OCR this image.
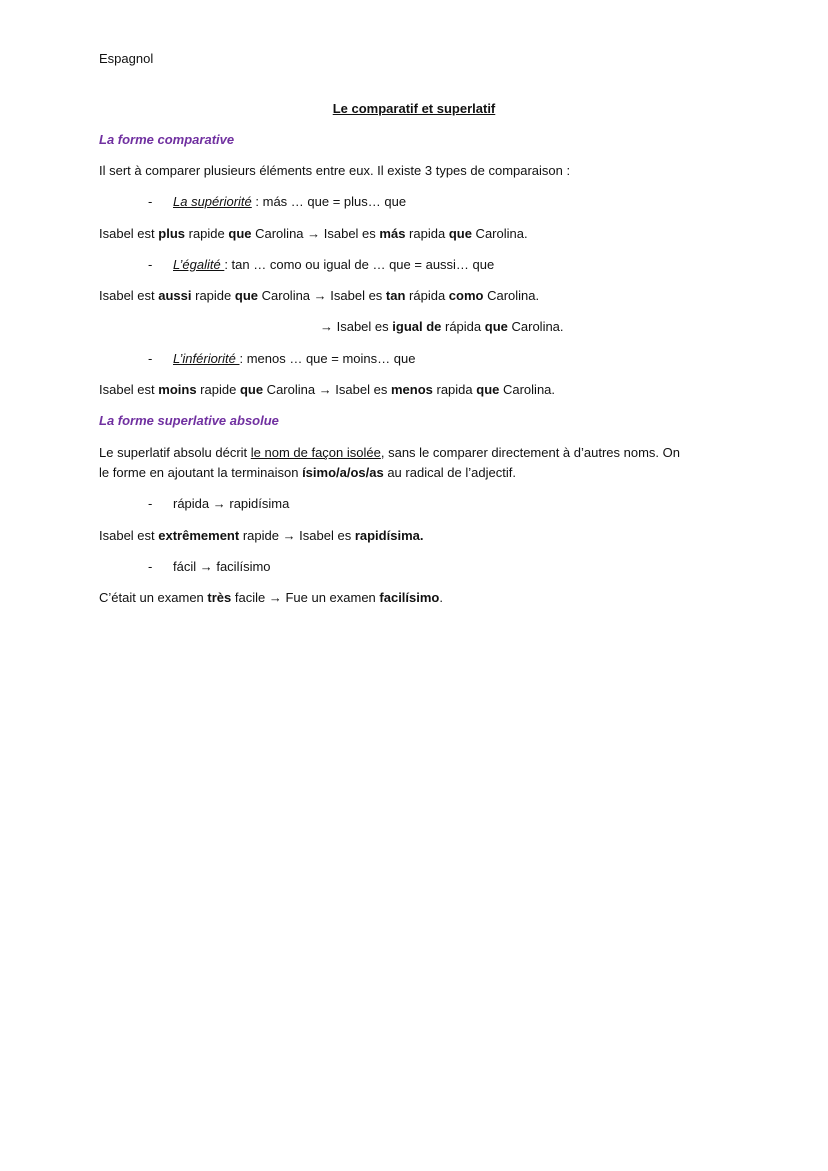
Espagnol
Le comparatif et superlatif
La forme comparative
Il sert à comparer plusieurs éléments entre eux. Il existe 3 types de comparaison :
- La supériorité : más … que = plus… que
Isabel est plus rapide que Carolina → Isabel es más rapida que Carolina.
- L’égalité : tan … como ou igual de … que = aussi… que
Isabel est aussi rapide que Carolina → Isabel es tan rápida como Carolina.
→ Isabel es igual de rápida que Carolina.
- L’infériorité : menos … que = moins… que
Isabel est moins rapide que Carolina → Isabel es menos rapida que Carolina.
La forme superlative absolue
Le superlatif absolu décrit le nom de façon isolée, sans le comparer directement à d’autres noms. On
le forme en ajoutant la terminaison ísimo/a/os/as au radical de l’adjectif.
- rápida → rapidísima
Isabel est extrêmement rapide → Isabel es rapidísima.
- fácil → facilísimo
C’était un examen très facile → Fue un examen facilísimo.
